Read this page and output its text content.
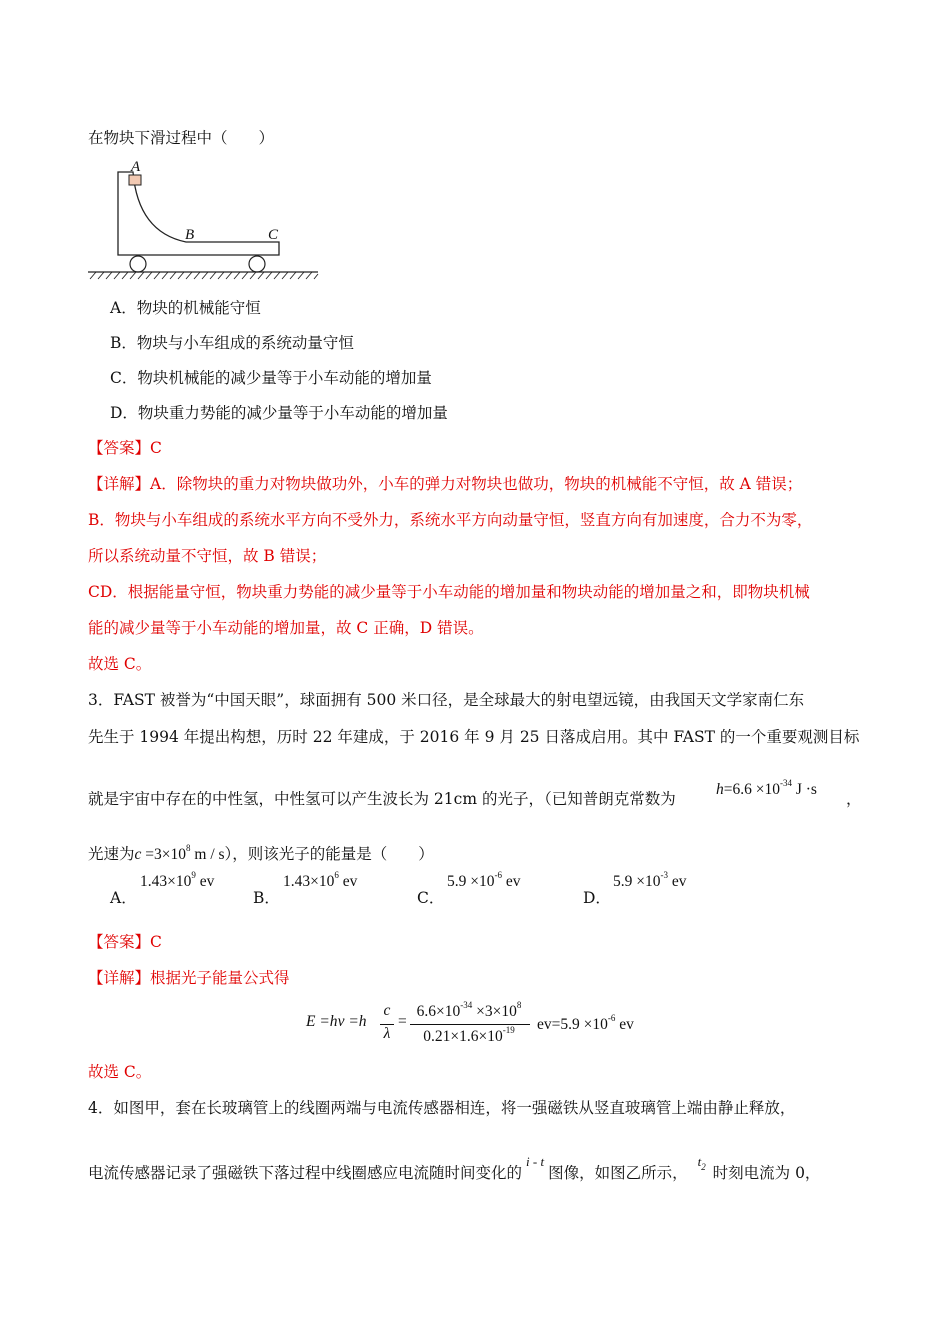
在物块下滑过程中（　　）
A
B	C
A．物块的机械能守恒
B．物块与小车组成的系统动量守恒
C．物块机械能的减少量等于小车动能的增加量
D．物块重力势能的减少量等于小车动能的增加量
【答案】C
【详解】A．除物块的重力对物块做功外，小车的弹力对物块也做功，物块的机械能不守恒，故 A 错误；
B．物块与小车组成的系统水平方向不受外力，系统水平方向动量守恒，竖直方向有加速度，合力不为零，
所以系统动量不守恒，故 B 错误；
CD．根据能量守恒，物块重力势能的减少量等于小车动能的增加量和物块动能的增加量之和，即物块机械
能的减少量等于小车动能的增加量，故 C 正确，D 错误。
故选 C。
3．FAST 被誉为“中国天眼”，球面拥有 500 米口径，是全球最大的射电望远镜，由我国天文学家南仁东
先生于 1994 年提出构想，历时 22 年建成，于 2016 年 9 月 25 日落成启用。其中 FAST 的一个重要观测目标
就是宇宙中存在的中性氢，中性氢可以产生波长为 21cm 的光子，（已知普朗克常数为
$h=6.6 \times 10^{-34}$ J ·s
，
光速为$c =3\times 10^8$ m / s），则该光子的能量是（　　）
A．
$1.43\times 10^9$ ev
B．
$1.43\times 10^6$ ev
C．
$5.9 \times 10^{-6}$ ev
D．
$5.9 \times 10^{-3}$ ev
【答案】C
【详解】根据光子能量公式得
E =hν =h
c
λ
=
$6.6\times 10^{-34} \times 3\times 10^8$
$0.21\times 1.6\times 10^{-19}$	$ev=5.9 \times 10^{-6}$ ev
故选 C。
4．如图甲，套在长玻璃管上的线圈两端与电流传感器相连，将一强磁铁从竖直玻璃管上端由静止释放，
电流传感器记录了强磁铁下落过程中线圈感应电流随时间变化的$^{i - t}$图像，如图乙所示，$^{t_2}$ 时刻电流为 0，
